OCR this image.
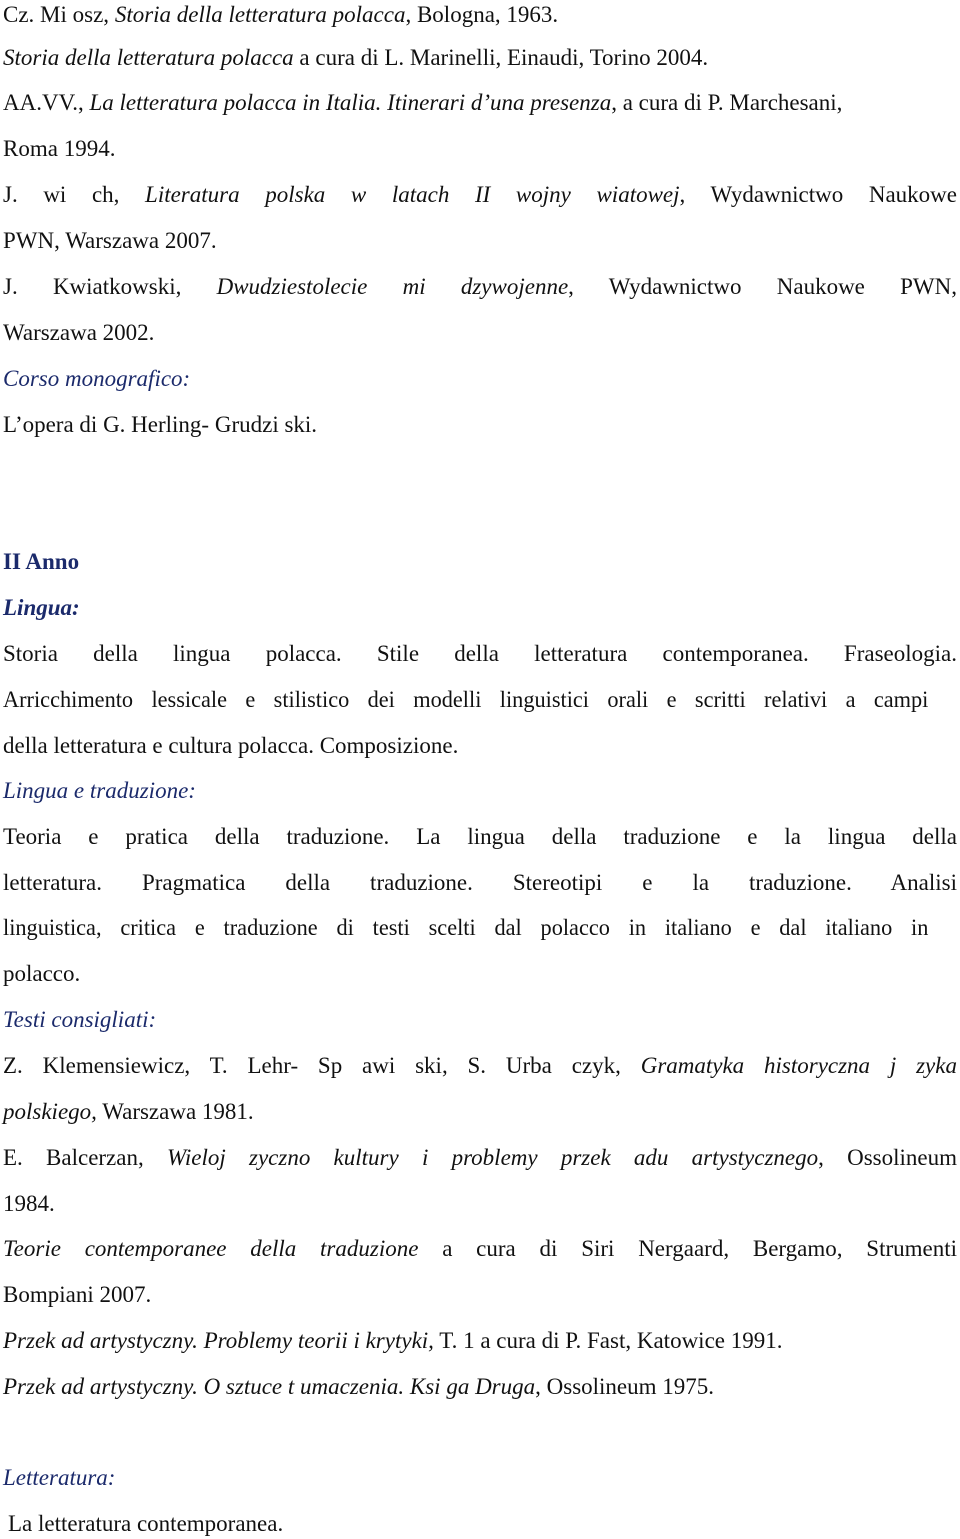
Cz. Mi osz, Storia della letteratura polacca, Bologna, 1963.
Storia della letteratura polacca a cura di L. Marinelli, Einaudi, Torino 2004.
AA.VV., La letteratura polacca in Italia. Itinerari d’una presenza, a cura di P. Marchesani,
Roma 1994.
J. wi ch, Literatura polska w latach II wojny wiatowej, Wydawnictwo Naukowe
PWN, Warszawa 2007.
J. Kwiatkowski, Dwudziestolecie mi dzywojenne, Wydawnictwo Naukowe PWN,
Warszawa 2002.
Corso monografico:
L’opera di G. Herling- Grudzi ski.
II Anno
Lingua:
Storia della lingua polacca. Stile della letteratura contemporanea. Fraseologia.
Arricchimento lessicale e stilistico dei modelli linguistici orali e scritti relativi a campi
della letteratura e cultura polacca. Composizione.
Lingua e traduzione:
Teoria e pratica della traduzione. La lingua della traduzione e la lingua della
letteratura. Pragmatica della traduzione. Stereotipi e la traduzione. Analisi
linguistica, critica e traduzione di testi scelti dal polacco in italiano e dal italiano in
polacco.
Testi consigliati:
Z. Klemensiewicz, T. Lehr- Sp awi ski, S. Urba czyk, Gramatyka historyczna j zyka
polskiego, Warszawa 1981.
E. Balcerzan, Wieloj zyczno kultury i problemy przek adu artystycznego, Ossolineum
1984.
Teorie contemporanee della traduzione a cura di Siri Nergaard, Bergamo, Strumenti
Bompiani 2007.
Przek ad artystyczny. Problemy teorii i krytyki, T. 1 a cura di P. Fast, Katowice 1991.
Przek ad artystyczny. O sztuce t umaczenia. Ksi ga Druga, Ossolineum 1975.
Letteratura:
La letteratura contemporanea.
